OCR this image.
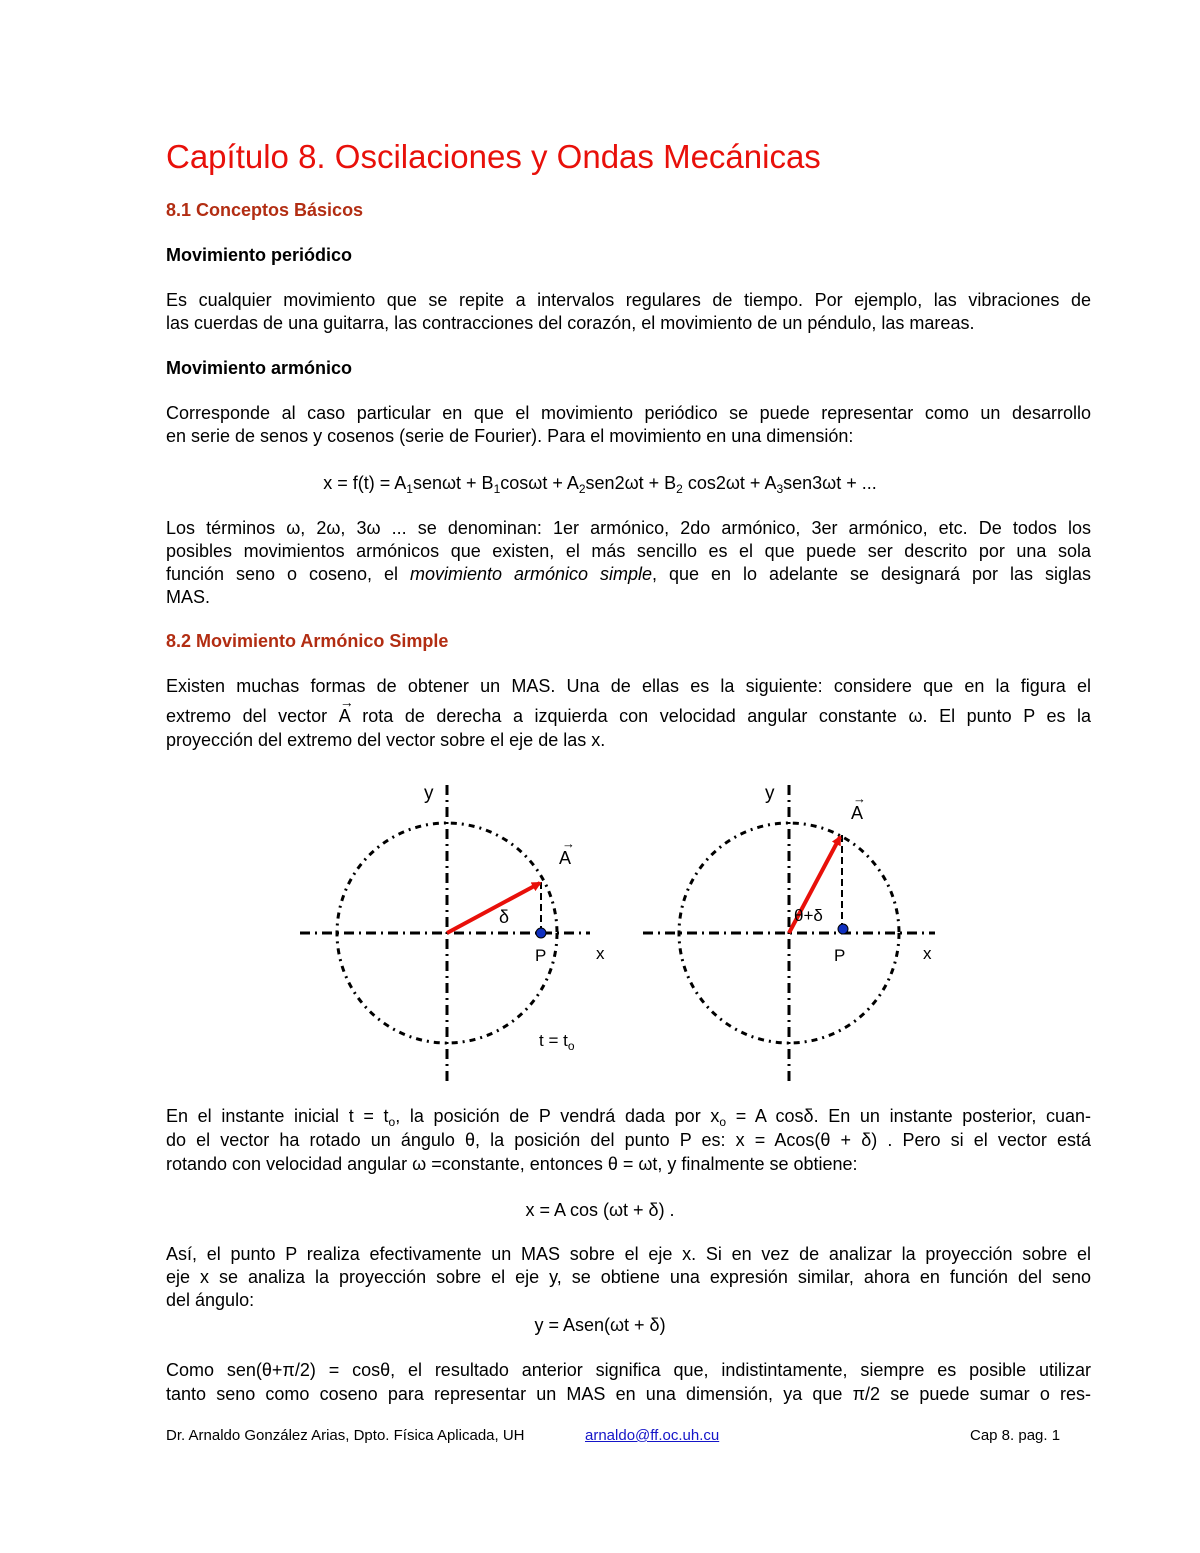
Capítulo 8. Oscilaciones y Ondas Mecánicas
8.1 Conceptos Básicos
Movimiento periódico
Es cualquier movimiento que se repite a intervalos regulares de tiempo. Por ejemplo, las vibraciones de
las cuerdas de una guitarra, las contracciones del corazón, el movimiento de un péndulo, las mareas.
Movimiento armónico
Corresponde al caso particular en que el movimiento periódico se puede representar como un desarrollo
en serie de senos y cosenos (serie de Fourier). Para el movimiento en una dimensión:
$x = f(t) = A_1sen\omega t + B_1\cos\omega t + A_2sen2\omega t + B_2$ $\cos 2\omega t + A_3sen3\omega t$ + ...
Los términos ω, 2ω, 3ω ... se denominan: 1er armónico, 2do armónico, 3er armónico, etc. De todos los
posibles movimientos armónicos que existen, el más sencillo es el que puede ser descrito por una sola
función seno o coseno, el movimiento armónico simple, que en lo adelante se designará por las siglas
MAS.
8.2 Movimiento Armónico Simple
Existen muchas formas de obtener un MAS. Una de ellas es la siguiente: considere que en la figura el
extremo del vector
→
A rota de derecha a izquierda con velocidad angular constante ω. El punto P es la
proyección del extremo del vector sobre el eje de las x.
y
x
P
δ
A
→
$t = t_o$
y
x
P
θ+δ
A
→
En el instante inicial $t = t_o$, la posición de P vendrá dada por $x_o = A$ cosδ. En un instante posterior, cuan-
do el vector ha rotado un ángulo θ, la posición del punto P es: x = Acos(θ + δ) . Pero si el vector está
rotando con velocidad angular ω =constante, entonces θ = ωt, y finalmente se obtiene:
x = A cos (ωt + δ) .
Así, el punto P realiza efectivamente un MAS sobre el eje x. Si en vez de analizar la proyección sobre el
eje x se analiza la proyección sobre el eje y, se obtiene una expresión similar, ahora en función del seno
del ángulo:
y = Asen(ωt + δ)
Como sen(θ+π/2) = cosθ, el resultado anterior significa que, indistintamente, siempre es posible utilizar
tanto seno como coseno para representar un MAS en una dimensión, ya que π/2 se puede sumar o res-
Dr. Arnaldo González Arias, Dpto. Física Aplicada, UH	arnaldo@ff.oc.uh.cu	Cap 8. pag. 1
